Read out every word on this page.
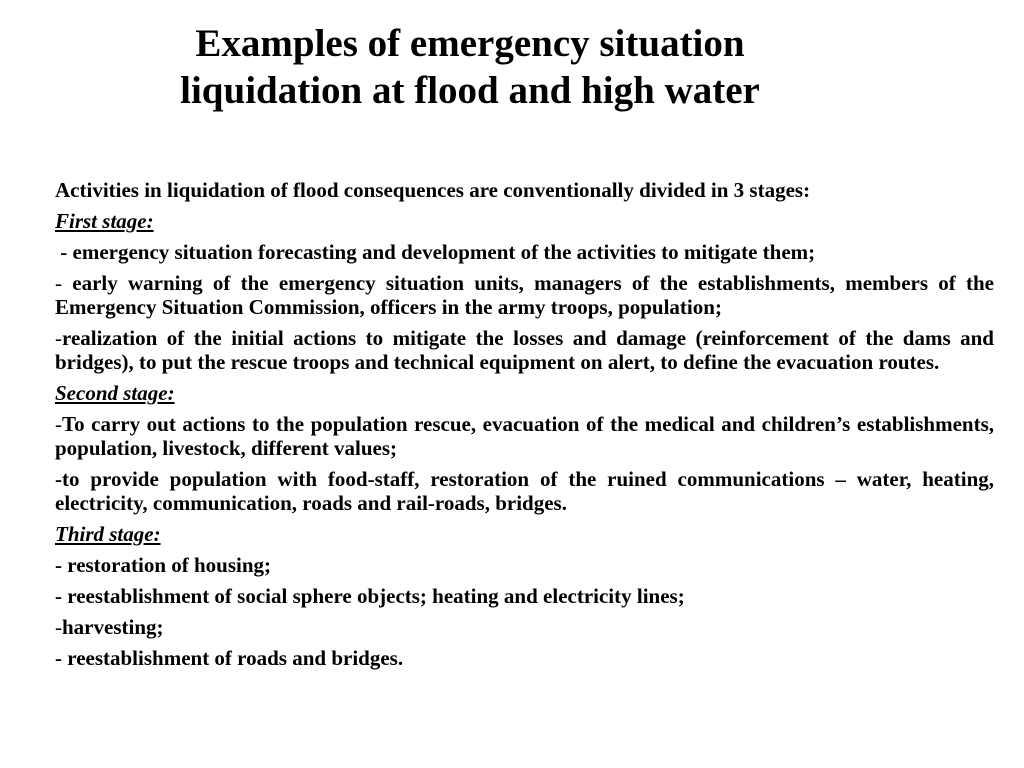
Examples of emergency situation
liquidation at flood and high water

Activities in liquidation of flood consequences are conventionally divided in 3 stages:

First stage:

- emergency situation forecasting and development of the activities to mitigate them;

- early warning of the emergency situation units, managers of the establishments, members of the Emergency Situation Commission, officers in the army troops, population;

-realization of the initial actions to mitigate the losses and damage (reinforcement of the dams and bridges), to put the rescue troops and technical equipment on alert, to define the evacuation routes.

Second stage:

-To carry out actions to the population rescue, evacuation of the medical and children’s establishments, population, livestock, different values;

-to provide population with food-staff, restoration of the ruined communications – water, heating, electricity, communication, roads and rail-roads, bridges.

Third stage:

- restoration of housing;

- reestablishment of social sphere objects; heating and electricity lines;

-harvesting;

- reestablishment of roads and bridges.
